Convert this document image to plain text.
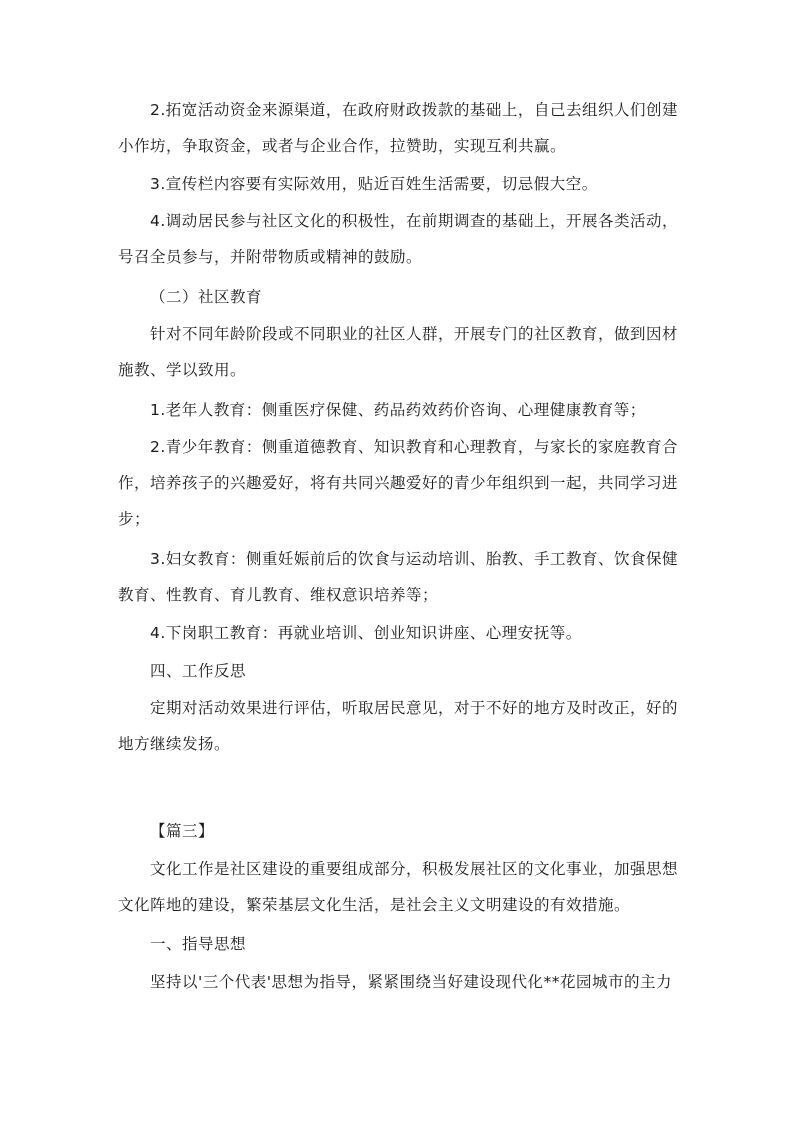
2.拓宽活动资金来源渠道，在政府财政拨款的基础上，自己去组织人们创建小作坊，争取资金，或者与企业合作，拉赞助，实现互利共赢。

3.宣传栏内容要有实际效用，贴近百姓生活需要，切忌假大空。

4.调动居民参与社区文化的积极性，在前期调查的基础上，开展各类活动，号召全员参与，并附带物质或精神的鼓励。

（二）社区教育

针对不同年龄阶段或不同职业的社区人群，开展专门的社区教育，做到因材施教、学以致用。

1.老年人教育：侧重医疗保健、药品药效药价咨询、心理健康教育等；

2.青少年教育：侧重道德教育、知识教育和心理教育，与家长的家庭教育合作，培养孩子的兴趣爱好，将有共同兴趣爱好的青少年组织到一起，共同学习进步；

3.妇女教育：侧重妊娠前后的饮食与运动培训、胎教、手工教育、饮食保健教育、性教育、育儿教育、维权意识培养等；

4.下岗职工教育：再就业培训、创业知识讲座、心理安抚等。

四、工作反思

定期对活动效果进行评估，听取居民意见，对于不好的地方及时改正，好的地方继续发扬。

【篇三】

文化工作是社区建设的重要组成部分，积极发展社区的文化事业，加强思想文化阵地的建设，繁荣基层文化生活，是社会主义文明建设的有效措施。

一、指导思想

坚持以'三个代表'思想为指导，紧紧围绕当好建设现代化**花园城市的主力
